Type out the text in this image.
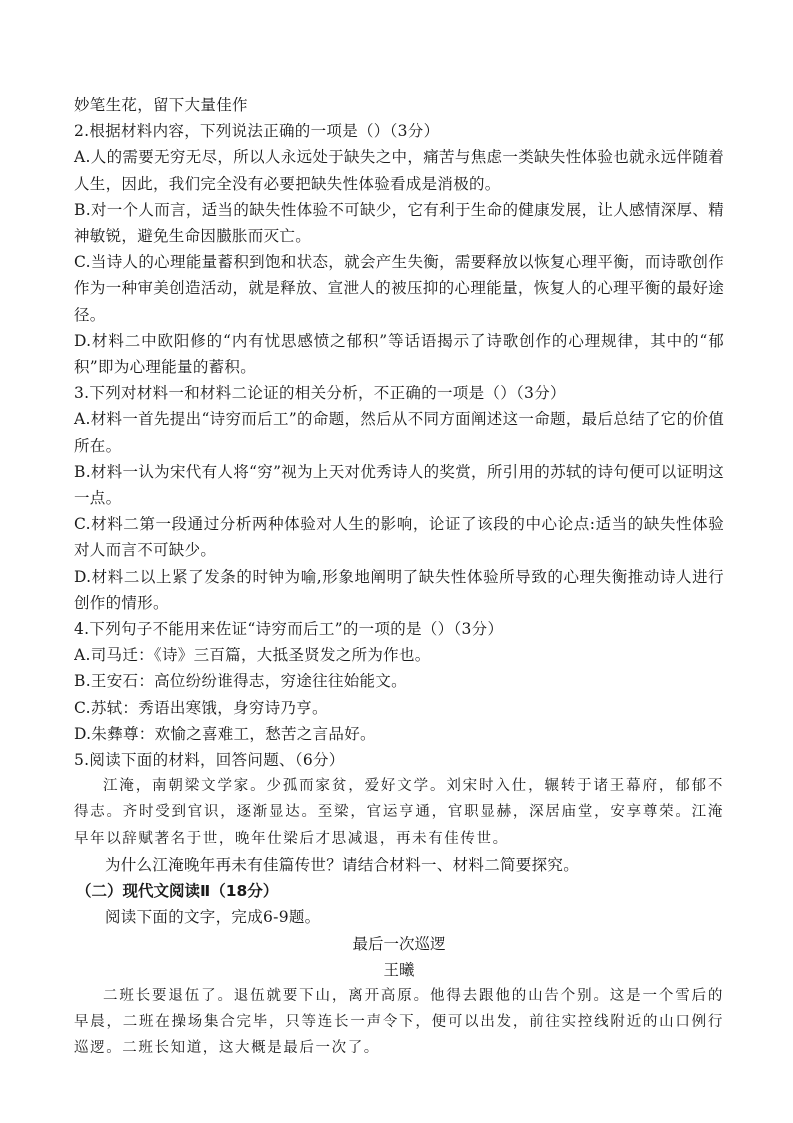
妙笔生花，留下大量佳作
2.根据材料内容，下列说法正确的一项是（）（3分）
A.人的需要无穷无尽，所以人永远处于缺失之中，痛苦与焦虑一类缺失性体验也就永远伴随着人生，因此，我们完全没有必要把缺失性体验看成是消极的。
B.对一个人而言，适当的缺失性体验不可缺少，它有利于生命的健康发展，让人感情深厚、精神敏锐，避免生命因臌胀而灭亡。
C.当诗人的心理能量蓄积到饱和状态，就会产生失衡，需要释放以恢复心理平衡，而诗歌创作作为一种审美创造活动，就是释放、宣泄人的被压抑的心理能量，恢复人的心理平衡的最好途径。
D.材料二中欧阳修的“内有忧思感愤之郁积”等话语揭示了诗歌创作的心理规律，其中的“郁积”即为心理能量的蓄积。
3.下列对材料一和材料二论证的相关分析，不正确的一项是（）（3分）
A.材料一首先提出“诗穷而后工”的命题，然后从不同方面阐述这一命题，最后总结了它的价值所在。
B.材料一认为宋代有人将“穷”视为上天对优秀诗人的奖赏，所引用的苏轼的诗句便可以证明这一点。
C.材料二第一段通过分析两种体验对人生的影响，论证了该段的中心论点:适当的缺失性体验对人而言不可缺少。
D.材料二以上紧了发条的时钟为喻,形象地阐明了缺失性体验所导致的心理失衡推动诗人进行创作的情形。
4.下列句子不能用来佐证“诗穷而后工”的一项的是（）（3分）
A.司马迁：《诗》三百篇，大抵圣贤发之所为作也。
B.王安石：高位纷纷谁得志，穷途往往始能文。
C.苏轼：秀语出寒饿，身穷诗乃亨。
D.朱彝尊：欢愉之喜难工，愁苦之言品好。
5.阅读下面的材料，回答问题、（6分）
江淹，南朝梁文学家。少孤而家贫，爱好文学。刘宋时入仕，辗转于诸王幕府，郁郁不得志。齐时受到官识，逐渐显达。至梁，官运亨通，官职显赫，深居庙堂，安享尊荣。江淹早年以辞赋著名于世，晚年仕梁后才思减退，再未有佳传世。
为什么江淹晚年再未有佳篇传世？请结合材料一、材料二简要探究。
（二）现代文阅读Ⅱ（18分）
阅读下面的文字，完成6-9题。
最后一次巡逻
王曦
二班长要退伍了。退伍就要下山，离开高原。他得去跟他的山告个别。这是一个雪后的早晨，二班在操场集合完毕，只等连长一声令下，便可以出发，前往实控线附近的山口例行巡逻。二班长知道，这大概是最后一次了。
